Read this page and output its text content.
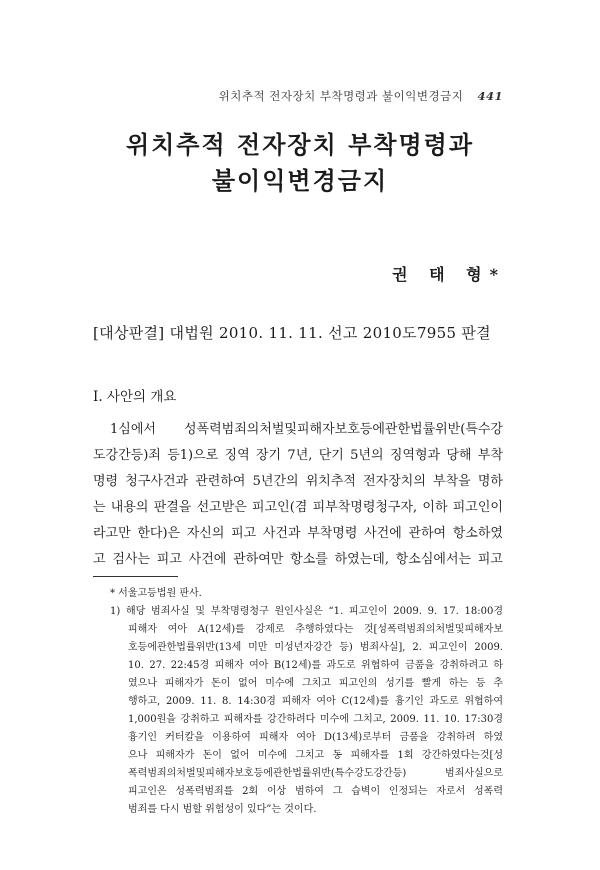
위치추적 전자장치 부착명령과 불이익변경금지 441
위치추적 전자장치 부착명령과
불이익변경금지
권 태 형*
[대상판결] 대법원 2010. 11. 11. 선고 2010도7955 판결
Ⅰ. 사안의 개요
1심에서 성폭력범죄의처벌및피해자보호등에관한법률위반(특수강
도강간등)죄 등1)으로 징역 장기 7년, 단기 5년의 징역형과 당해 부착
명령 청구사건과 관련하여 5년간의 위치추적 전자장치의 부착을 명하
는 내용의 판결을 선고받은 피고인(겸 피부착명령청구자, 이하 피고인이
라고만 한다)은 자신의 피고 사건과 부착명령 사건에 관하여 항소하였
고 검사는 피고 사건에 관하여만 항소를 하였는데, 항소심에서는 피고
* 서울고등법원 판사.
1) 해당 범죄사실 및 부착명령청구 원인사실은 “1. 피고인이 2009. 9. 17. 18:00경
피해자 여아 A(12세)를 강제로 추행하였다는 것[성폭력범죄의처벌및피해자보
호등에관한법률위반(13세 미만 미성년자강간 등) 범죄사실], 2. 피고인이 2009.
10. 27. 22:45경 피해자 여아 B(12세)를 과도로 위협하여 금품을 강취하려고 하
였으나 피해자가 돈이 없어 미수에 그치고 피고인의 성기를 빨게 하는 등 추
행하고, 2009. 11. 8. 14:30경 피해자 여아 C(12세)를 흉기인 과도로 위협하여
1,000원을 강취하고 피해자를 강간하려다 미수에 그치고, 2009. 11. 10. 17:30경
흉기인 커터칼을 이용하여 피해자 여아 D(13세)로부터 금품을 강취하려 하였
으나 피해자가 돈이 없어 미수에 그치고 동 피해자를 1회 강간하였다는것[성
폭력범죄의처벌및피해자보호등에관한법률위반(특수강도강간등) 범죄사실으로
피고인은 성폭력범죄를 2회 이상 범하여 그 습벽이 인정되는 자로서 성폭력
범죄를 다시 범할 위험성이 있다”는 것이다.
